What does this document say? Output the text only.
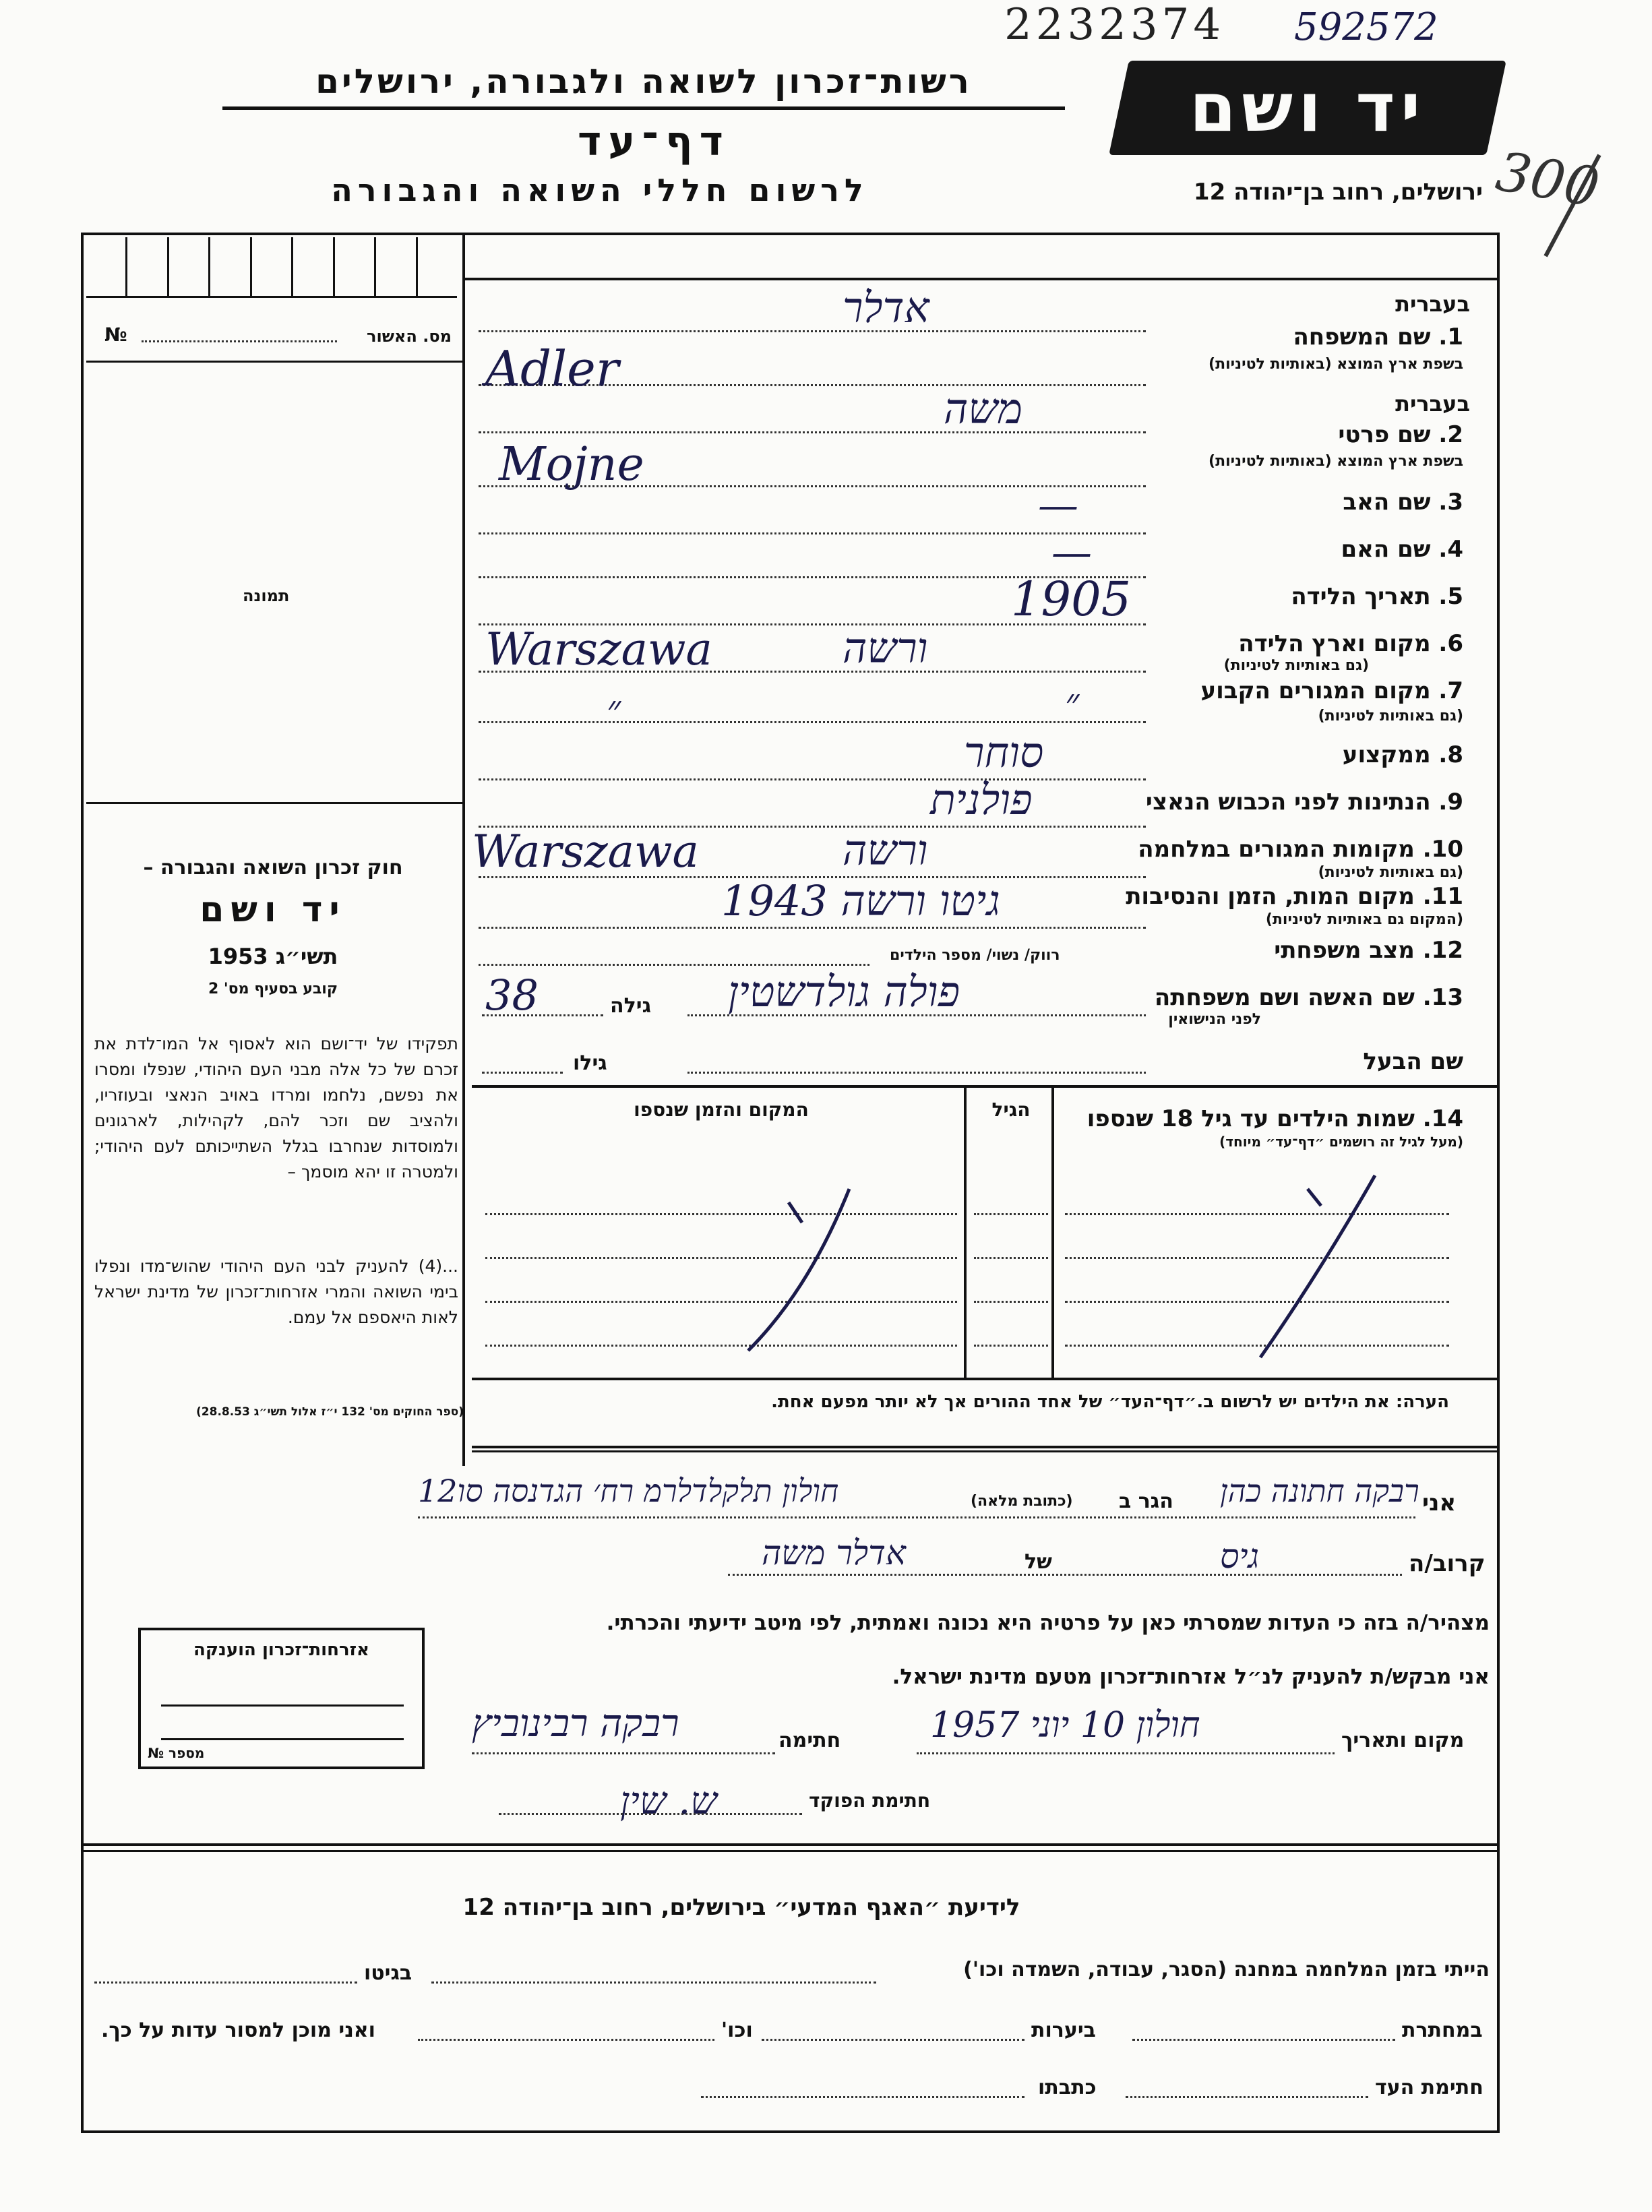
2232374 592572
300
רשות־זכרון לשואה ולגבורה, ירושלים
דף־עד
לרשום חללי השואה והגבורה
יד ושם
ירושלים, רחוב בן־יהודה 12
מס. האשור
№
תמונה
חוק זכרון השואה והגבורה –
יד ושם
תשי״ג 1953
קובע בסעיף מס' 2
תפקידו של יד־ושם הוא לאסוף אל המו־לדת את זכרם של כל אלה מבני העם היהודי, שנפלו ומסרו את נפשם, נלחמו ומרדו באויב הנאצי ובעוזריו, ולהציב שם וזכר להם, לקהילות, לארגונים ולמוסדות שנחרבו בגלל השתייכותם לעם היהודי; ולמטרה זו יהא מוסמך –
...(4) להעניק לבני העם היהודי שהוש־מדו ונפלו בימי השואה והמרי אזרחות־זכרון של מדינת ישראל לאות היאספם אל עמם.
(ספר החוקים מס' 132 י״ז אלול תשי״ג 28.8.53)
אזרחות־זכרון הוענקה
מספר №
בעברית
1. שם המשפחה
בשפת ארץ המוצא (באותיות לטיניות)
אדלר
Adler
בעברית
2. שם פרטי
בשפת ארץ המוצא (באותיות לטיניות)
משה
Mojne
3. שם האב
—
4. שם האם
—
5. תאריך הלידה
1905
6. מקום וארץ הלידה
(גם באותיות לטיניות)
ורשה
Warszawa
7. מקום המגורים הקבוע
(גם באותיות לטיניות)
״
״
8. ממקצוע
סוחר
9. הנתינות לפני הכבוש הנאצי
פולנית
10. מקומות המגורים במלחמה
(גם באותיות לטיניות)
ורשה
Warszawa
11. מקום המות, הזמן והנסיבות
(המקום גם באותיות לטיניות)
גיטו ורשה 1943
12. מצב משפחתי
רווק/ נשוי/ מספר הילדים
13. שם האשה ושם משפחתה
לפני הנישואין
פולה גולדשטין
גילה
38
שם הבעל
גילו
14. שמות הילדים עד גיל 18 שנספו
(מעל לגיל זה רושמים ״דף־עד״ מיוחד)
הגיל
המקום והזמן שנספו
הערה: את הילדים יש לרשום ב.״דף־העד״ של אחד ההורים אך לא יותר מפעם אחת.
אני
רבקה חתונה כהן
הגר ב
(כתובת מלאה)
חולון תלקלדלרמ רח׳ הגדנסה סו12
קרוב/ה
גיס
של
אדלר משה
מצהיר/ה בזה כי העדות שמסרתי כאן על פרטיה היא נכונה ואמתית, לפי מיטב ידיעתי והכרתי.
אני מבקש/ת להעניק לנ״ל אזרחות־זכרון מטעם מדינת ישראל.
מקום ותאריך
חולון 10 יוני 1957
חתימה
רבקה רבינוביץ
חתימת הפוקד
ש. שין
לידיעת ״האגף המדעי״ בירושלים, רחוב בן־יהודה 12
הייתי בזמן המלחמה במחנה (הסגר, עבודה, השמדה וכו')
בגיטו
במחתרת
ביערות
וכו'
ואני מוכן למסור עדות על כך.
חתימת העד
כתבתו
